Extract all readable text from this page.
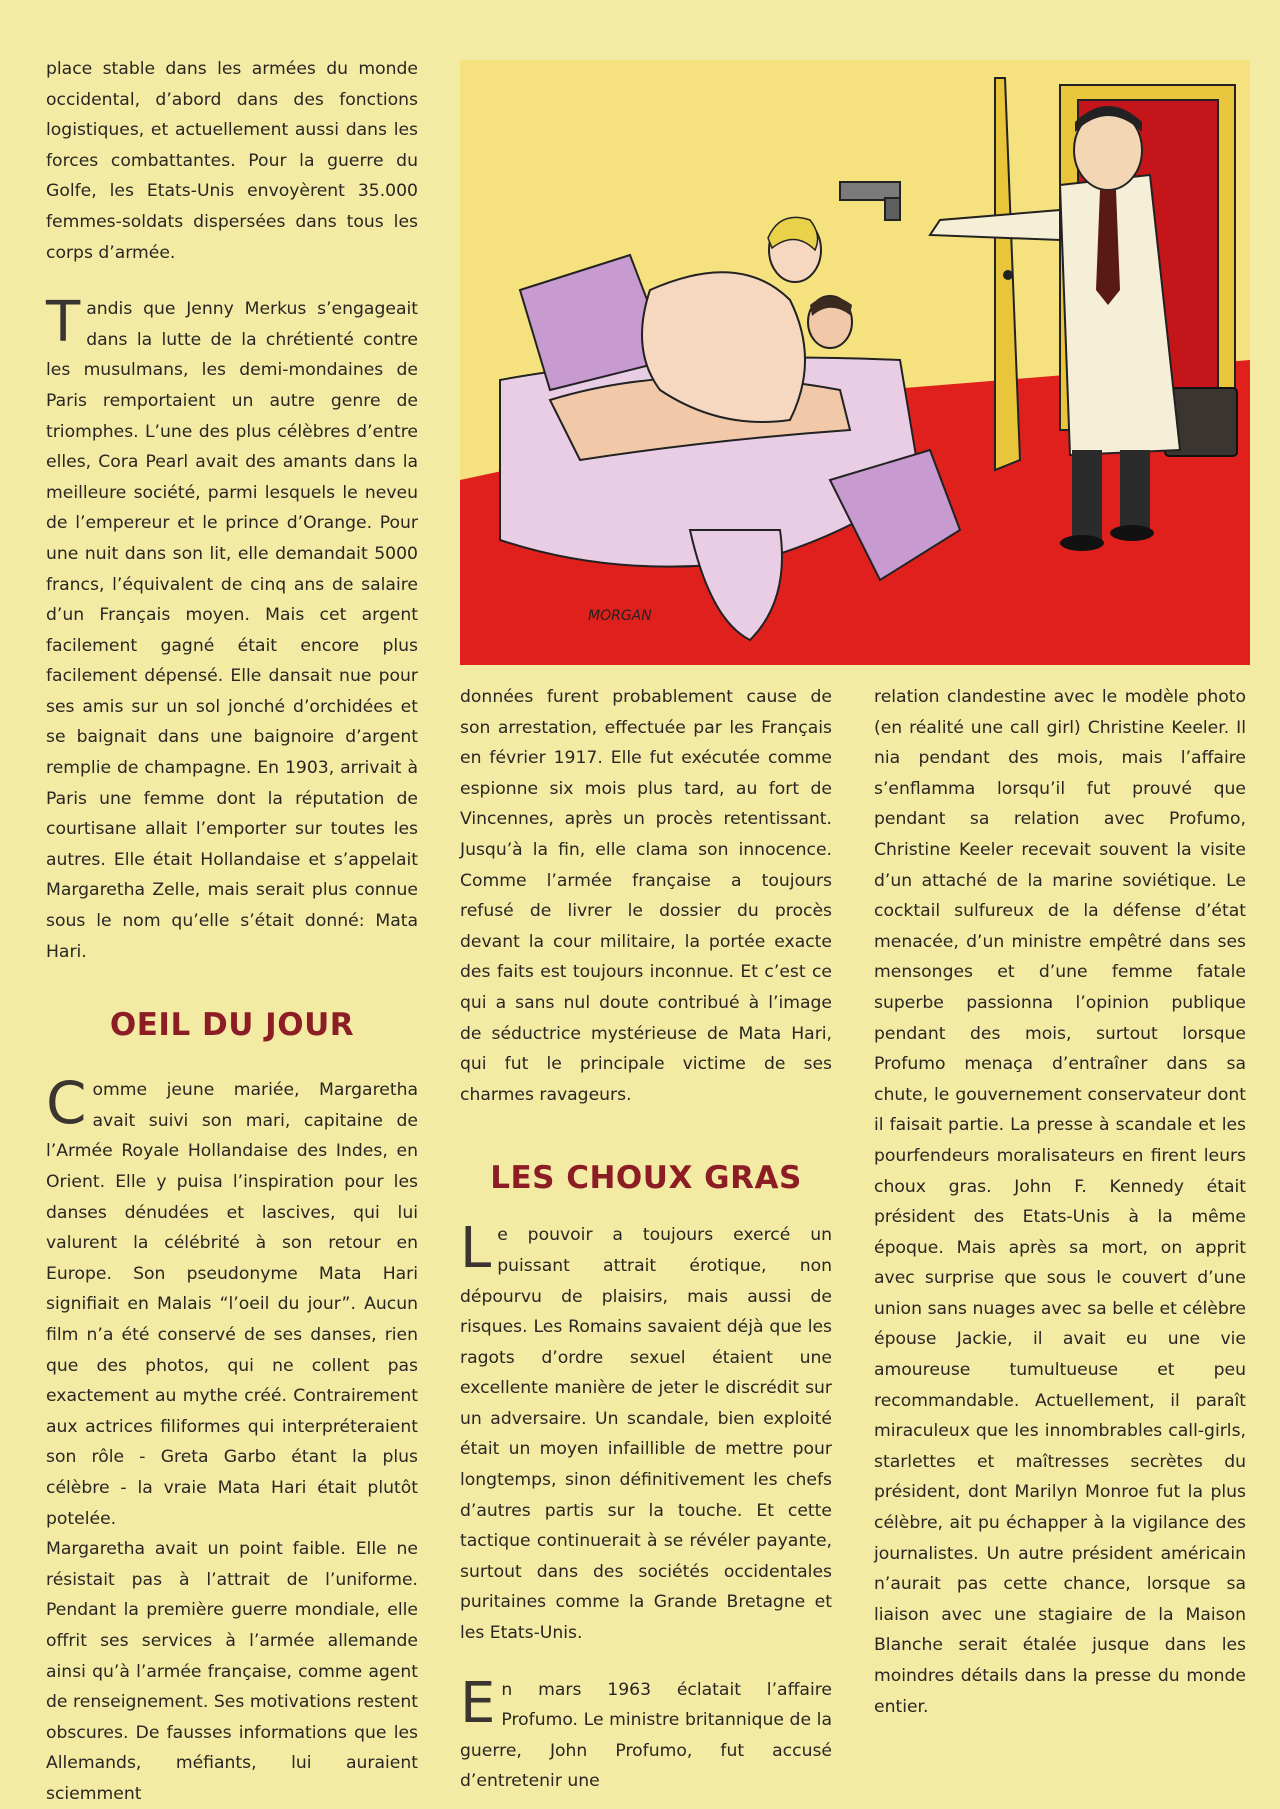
place stable dans les armées du monde occidental, d’abord dans des fonctions logistiques, et actuellement aussi dans les forces combattantes. Pour la guerre du Golfe, les Etats-Unis envoyèrent 35.000 femmes-soldats dispersées dans tous les corps d’armée.

Tandis que Jenny Merkus s’engageait dans la lutte de la chrétienté contre les musulmans, les demi-mondaines de Paris remportaient un autre genre de triomphes. L’une des plus célèbres d’entre elles, Cora Pearl avait des amants dans la meilleure société, parmi lesquels le neveu de l’empereur et le prince d’Orange. Pour une nuit dans son lit, elle demandait 5000 francs, l’équivalent de cinq ans de salaire d’un Français moyen. Mais cet argent facilement gagné était encore plus facilement dépensé. Elle dansait nue pour ses amis sur un sol jonché d’orchidées et se baignait dans une baignoire d’argent remplie de champagne. En 1903, arrivait à Paris une femme dont la réputation de courtisane allait l’emporter sur toutes les autres. Elle était Hollandaise et s’appelait Margaretha Zelle, mais serait plus connue sous le nom qu’elle s’était donné: Mata Hari.

OEIL DU JOUR

Comme jeune mariée, Margaretha avait suivi son mari, capitaine de l’Armée Royale Hollandaise des Indes, en Orient. Elle y puisa l’inspiration pour les danses dénudées et lascives, qui lui valurent la célébrité à son retour en Europe. Son pseudonyme Mata Hari signifiait en Malais “l’oeil du jour”. Aucun film n’a été conservé de ses danses, rien que des photos, qui ne collent pas exactement au mythe créé. Contrairement aux actrices filiformes qui interpréteraient son rôle - Greta Garbo étant la plus célèbre - la vraie Mata Hari était plutôt potelée.

Margaretha avait un point faible. Elle ne résistait pas à l’attrait de l’uniforme. Pendant la première guerre mondiale, elle offrit ses services à l’armée allemande ainsi qu’à l’armée française, comme agent de renseignement. Ses motivations restent obscures. De fausses informations que les Allemands, méfiants, lui auraient sciemment

MORGAN

données furent probablement cause de son arrestation, effectuée par les Français en février 1917. Elle fut exécutée comme espionne six mois plus tard, au fort de Vincennes, après un procès retentissant. Jusqu’à la fin, elle clama son innocence. Comme l’armée française a toujours refusé de livrer le dossier du procès devant la cour militaire, la portée exacte des faits est toujours inconnue. Et c’est ce qui a sans nul doute contribué à l’image de séductrice mystérieuse de Mata Hari, qui fut le principale victime de ses charmes ravageurs.

LES CHOUX GRAS

Le pouvoir a toujours exercé un puissant attrait érotique, non dépourvu de plaisirs, mais aussi de risques. Les Romains savaient déjà que les ragots d’ordre sexuel étaient une excellente manière de jeter le discrédit sur un adversaire. Un scandale, bien exploité était un moyen infaillible de mettre pour longtemps, sinon définitivement les chefs d’autres partis sur la touche. Et cette tactique continuerait à se révéler payante, surtout dans des sociétés occidentales puritaines comme la Grande Bretagne et les Etats-Unis.

En mars 1963 éclatait l’affaire Profumo. Le ministre britannique de la guerre, John Profumo, fut accusé d’entretenir une

relation clandestine avec le modèle photo (en réalité une call girl) Christine Keeler. Il nia pendant des mois, mais l’affaire s’enflamma lorsqu’il fut prouvé que pendant sa relation avec Profumo, Christine Keeler recevait souvent la visite d’un attaché de la marine soviétique. Le cocktail sulfureux de la défense d’état menacée, d’un ministre empêtré dans ses mensonges et d’une femme fatale superbe passionna l’opinion publique pendant des mois, surtout lorsque Profumo menaça d’entraîner dans sa chute, le gouvernement conservateur dont il faisait partie. La presse à scandale et les pourfendeurs moralisateurs en firent leurs choux gras. John F. Kennedy était président des Etats-Unis à la même époque. Mais après sa mort, on apprit avec surprise que sous le couvert d’une union sans nuages avec sa belle et célèbre épouse Jackie, il avait eu une vie amoureuse tumultueuse et peu recommandable. Actuellement, il paraît miraculeux que les innombrables call-girls, starlettes et maîtresses secrètes du président, dont Marilyn Monroe fut la plus célèbre, ait pu échapper à la vigilance des journalistes. Un autre président américain n’aurait pas cette chance, lorsque sa liaison avec une stagiaire de la Maison Blanche serait étalée jusque dans les moindres détails dans la presse du monde entier.
